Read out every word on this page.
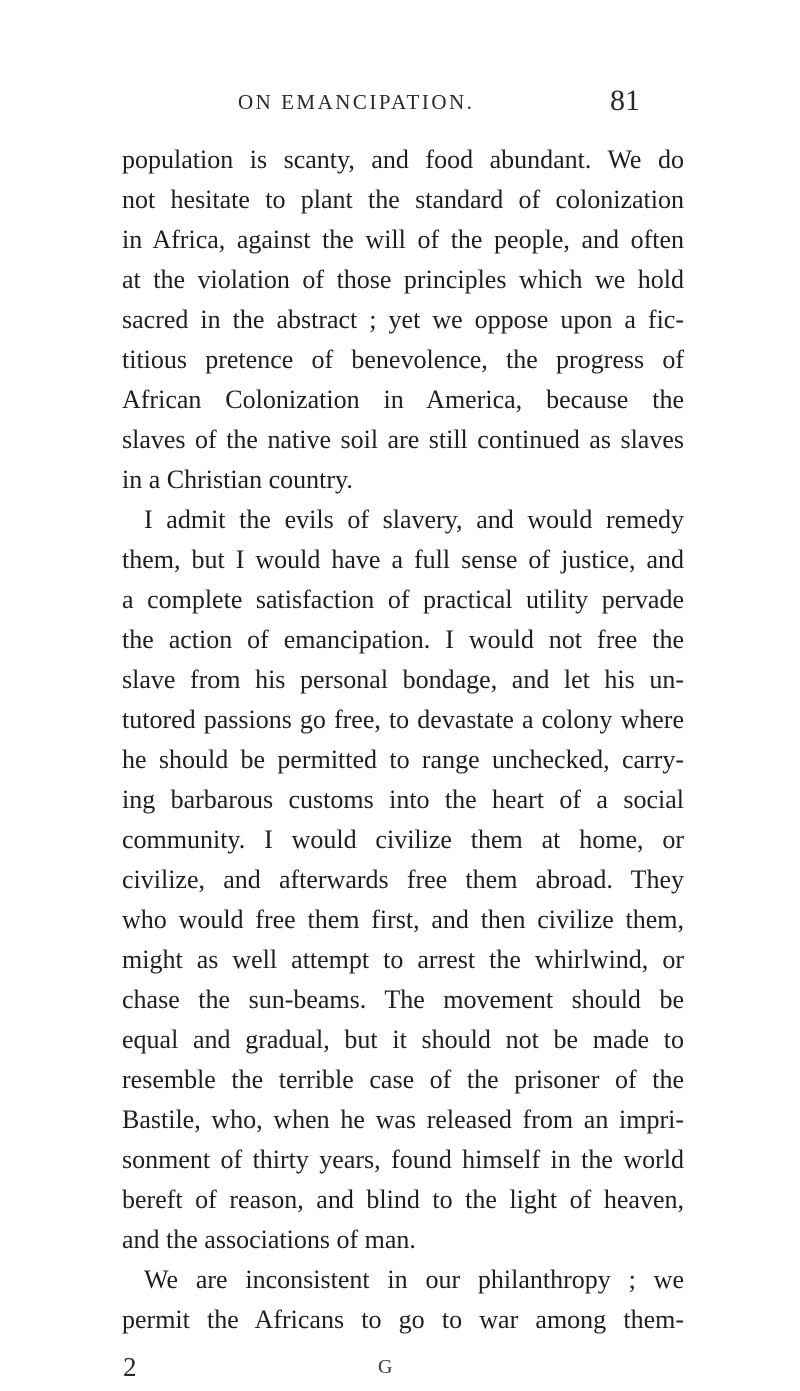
ON EMANCIPATION.	81
population is scanty, and food abundant. We do
not hesitate to plant the standard of colonization
in Africa, against the will of the people, and often
at the violation of those principles which we hold
sacred in the abstract ; yet we oppose upon a fic-
titious pretence of benevolence, the progress of
African Colonization in America, because the
slaves of the native soil are still continued as slaves
in a Christian country.
I admit the evils of slavery, and would remedy
them, but I would have a full sense of justice, and
a complete satisfaction of practical utility pervade
the action of emancipation. I would not free the
slave from his personal bondage, and let his un-
tutored passions go free, to devastate a colony where
he should be permitted to range unchecked, carry-
ing barbarous customs into the heart of a social
community. I would civilize them at home, or
civilize, and afterwards free them abroad. They
who would free them first, and then civilize them,
might as well attempt to arrest the whirlwind, or
chase the sun-beams. The movement should be
equal and gradual, but it should not be made to
resemble the terrible case of the prisoner of the
Bastile, who, when he was released from an impri-
sonment of thirty years, found himself in the world
bereft of reason, and blind to the light of heaven,
and the associations of man.
We are inconsistent in our philanthropy ; we
permit the Africans to go to war among them-
2	G
